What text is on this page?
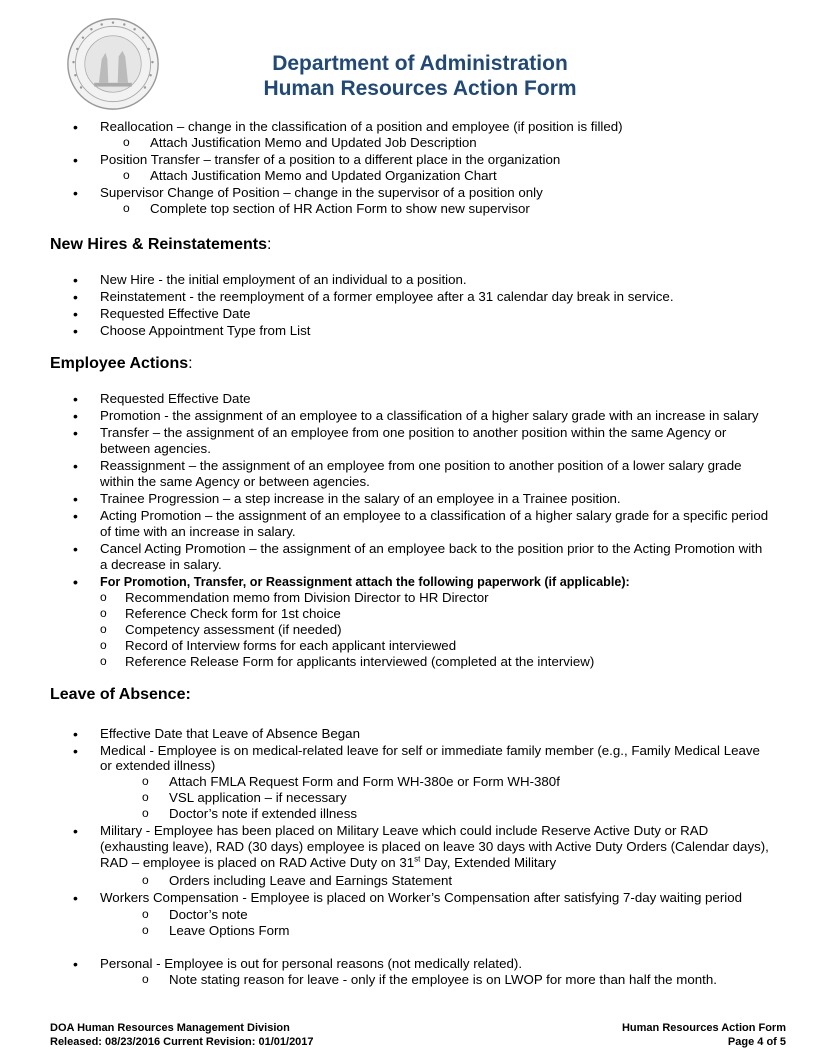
Department of Administration
Human Resources Action Form
• Reallocation – change in the classification of a position and employee (if position is filled)
o Attach Justification Memo and Updated Job Description
• Position Transfer – transfer of a position to a different place in the organization
o Attach Justification Memo and Updated Organization Chart
• Supervisor Change of Position – change in the supervisor of a position only
o Complete top section of HR Action Form to show new supervisor
New Hires & Reinstatements:
• New Hire - the initial employment of an individual to a position.
• Reinstatement - the reemployment of a former employee after a 31 calendar day break in service.
• Requested Effective Date
• Choose Appointment Type from List
Employee Actions:
• Requested Effective Date
• Promotion - the assignment of an employee to a classification of a higher salary grade with an increase in salary
• Transfer – the assignment of an employee from one position to another position within the same Agency or
between agencies.
• Reassignment – the assignment of an employee from one position to another position of a lower salary grade
within the same Agency or between agencies.
• Trainee Progression – a step increase in the salary of an employee in a Trainee position.
• Acting Promotion – the assignment of an employee to a classification of a higher salary grade for a specific period
of time with an increase in salary.
• Cancel Acting Promotion – the assignment of an employee back to the position prior to the Acting Promotion with
a decrease in salary.
• For Promotion, Transfer, or Reassignment attach the following paperwork (if applicable):
o Recommendation memo from Division Director to HR Director
o Reference Check form for 1st choice
o Competency assessment (if needed)
o Record of Interview forms for each applicant interviewed
o Reference Release Form for applicants interviewed (completed at the interview)
Leave of Absence:
• Effective Date that Leave of Absence Began
• Medical - Employee is on medical-related leave for self or immediate family member (e.g., Family Medical Leave
or extended illness)
o Attach FMLA Request Form and Form WH-380e or Form WH-380f
o VSL application – if necessary
o Doctor’s note if extended illness
• Military - Employee has been placed on Military Leave which could include Reserve Active Duty or RAD
(exhausting leave), RAD (30 days) employee is placed on leave 30 days with Active Duty Orders (Calendar days),
RAD – employee is placed on RAD Active Duty on 31st Day, Extended Military
o Orders including Leave and Earnings Statement
• Workers Compensation - Employee is placed on Worker’s Compensation after satisfying 7-day waiting period
o Doctor’s note
o Leave Options Form
• Personal - Employee is out for personal reasons (not medically related).
o Note stating reason for leave - only if the employee is on LWOP for more than half the month.
DOA Human Resources Management Division
Released: 08/23/2016 Current Revision: 01/01/2017
Human Resources Action Form
Page 4 of 5
